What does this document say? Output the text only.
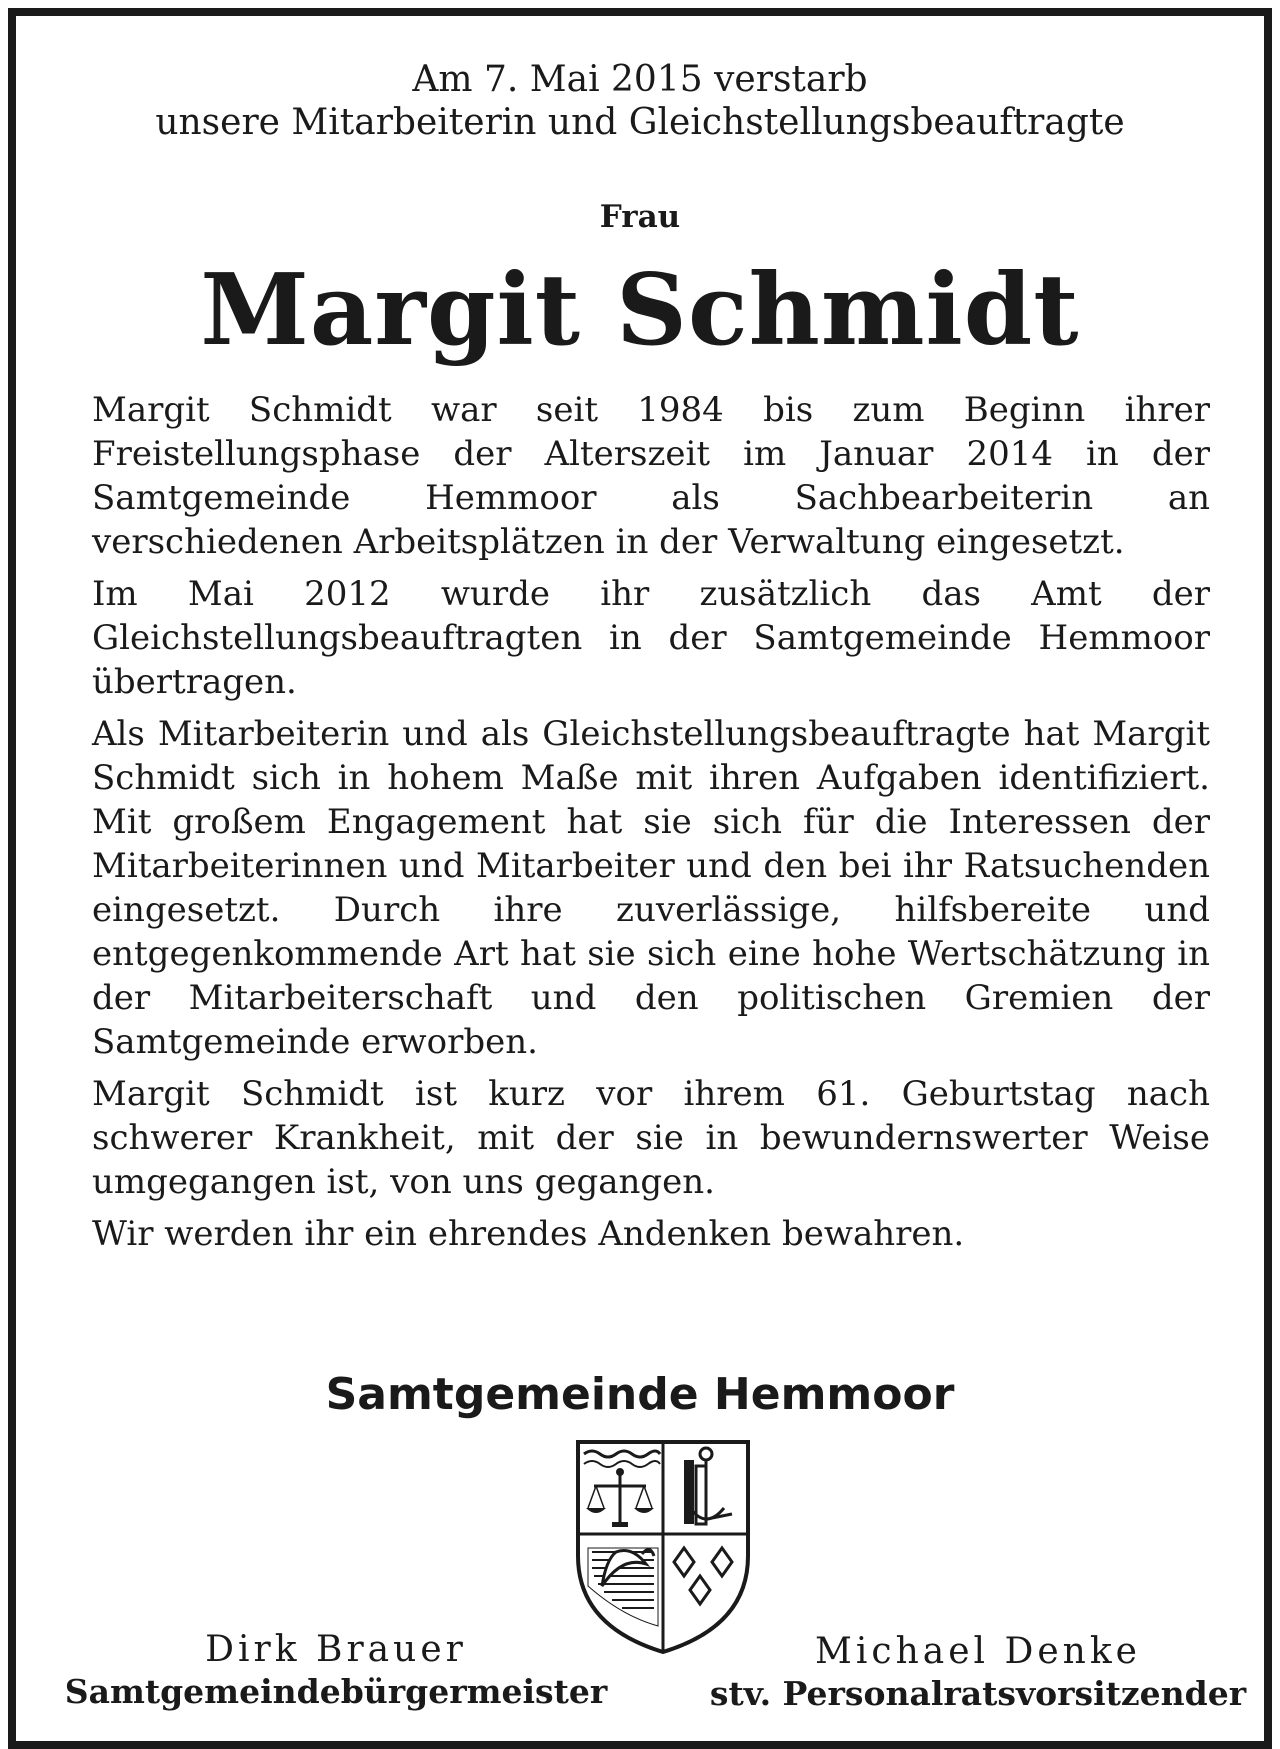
Am 7. Mai 2015 verstarb
unsere Mitarbeiterin und Gleichstellungsbeauftragte
Frau
Margit Schmidt

Margit Schmidt war seit 1984 bis zum Beginn ihrer Freistellungsphase der Alterszeit im Januar 2014 in der Samtgemeinde Hemmoor als Sachbearbeiterin an verschiedenen Arbeitsplätzen in der Verwaltung eingesetzt.

Im Mai 2012 wurde ihr zusätzlich das Amt der Gleichstellungsbeauftragten in der Samtgemeinde Hemmoor übertragen.

Als Mitarbeiterin und als Gleichstellungsbeauftragte hat Margit Schmidt sich in hohem Maße mit ihren Aufgaben identifiziert. Mit großem Engagement hat sie sich für die Interessen der Mitarbeiterinnen und Mitarbeiter und den bei ihr Ratsuchenden eingesetzt. Durch ihre zuverlässige, hilfsbereite und entgegenkommende Art hat sie sich eine hohe Wertschätzung in der Mitarbeiterschaft und den politischen Gremien der Samtgemeinde erworben.

Margit Schmidt ist kurz vor ihrem 61. Geburtstag nach schwerer Krankheit, mit der sie in bewundernswerter Weise umgegangen ist, von uns gegangen.

Wir werden ihr ein ehrendes Andenken bewahren.

Samtgemeinde Hemmoor
Dirk Brauer
Samtgemeindebürgermeister
Michael Denke
stv. Personalratsvorsitzender
